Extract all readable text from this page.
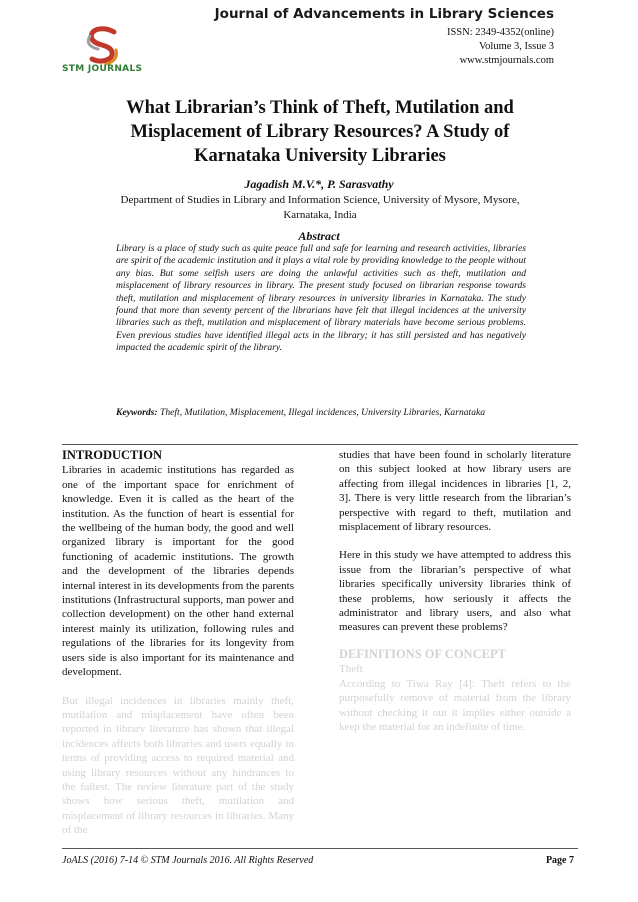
STM JOURNALS
Journal of Advancements in Library Sciences
ISSN: 2349-4352(online)
Volume 3, Issue 3
www.stmjournals.com
What Librarian’s Think of Theft, Mutilation and Misplacement of Library Resources? A Study of Karnataka University Libraries
Jagadish M.V.*, P. Sarasvathy
Department of Studies in Library and Information Science, University of Mysore, Mysore, Karnataka, India
Abstract
Library is a place of study such as quite peace full and safe for learning and research activities, libraries are spirit of the academic institution and it plays a vital role by providing knowledge to the people without any bias. But some selfish users are doing the unlawful activities such as theft, mutilation and misplacement of library resources in library. The present study focused on librarian response towards theft, mutilation and misplacement of library resources in university libraries in Karnataka. The study found that more than seventy percent of the librarians have felt that illegal incidences at the university libraries such as theft, mutilation and misplacement of library materials have become serious problems. Even previous studies have identified illegal acts in the library; it has still persisted and has negatively impacted the academic spirit of the library.
Keywords: Theft, Mutilation, Misplacement, Illegal incidences, University Libraries, Karnataka
INTRODUCTION

Libraries in academic institutions has regarded as one of the important space for enrichment of knowledge. Even it is called as the heart of the institution. As the function of heart is essential for the wellbeing of the human body, the good and well organized library is important for the good functioning of academic institutions. The growth and the development of the libraries depends internal interest in its developments from the parents institutions (Infrastructural supports, man power and collection development) on the other hand external interest mainly its utilization, following rules and regulations of the libraries for its longevity from users side is also important for its maintenance and development.

But illegal incidences in libraries mainly theft, mutilation and misplacement have often been reported in library literature has shown that illegal incidences affects both libraries and users equally in terms of providing access to required material and using library resources without any hindrances to the fullest. The review literature part of the study shows how serious theft, mutilation and misplacement of library resources in libraries. Many of the

studies that have been found in scholarly literature on this subject looked at how library users are affecting from illegal incidences in libraries [1, 2, 3]. There is very little research from the librarian’s perspective with regard to theft, mutilation and misplacement of library resources.

Here in this study we have attempted to address this issue from the librarian’s perspective of what libraries specifically university libraries think of these problems, how seriously it affects the administrator and library users, and also what measures can prevent these problems?

DEFINITIONS OF CONCEPT
Theft

According to Tiwa Ray [4]: Theft refers to the purposefully remove of material from the library without checking it out it implies either outside a keep the material for an indefinite of time.

JoALS (2016) 7-14 © STM Journals 2016. All Rights Reserved	Page 7
